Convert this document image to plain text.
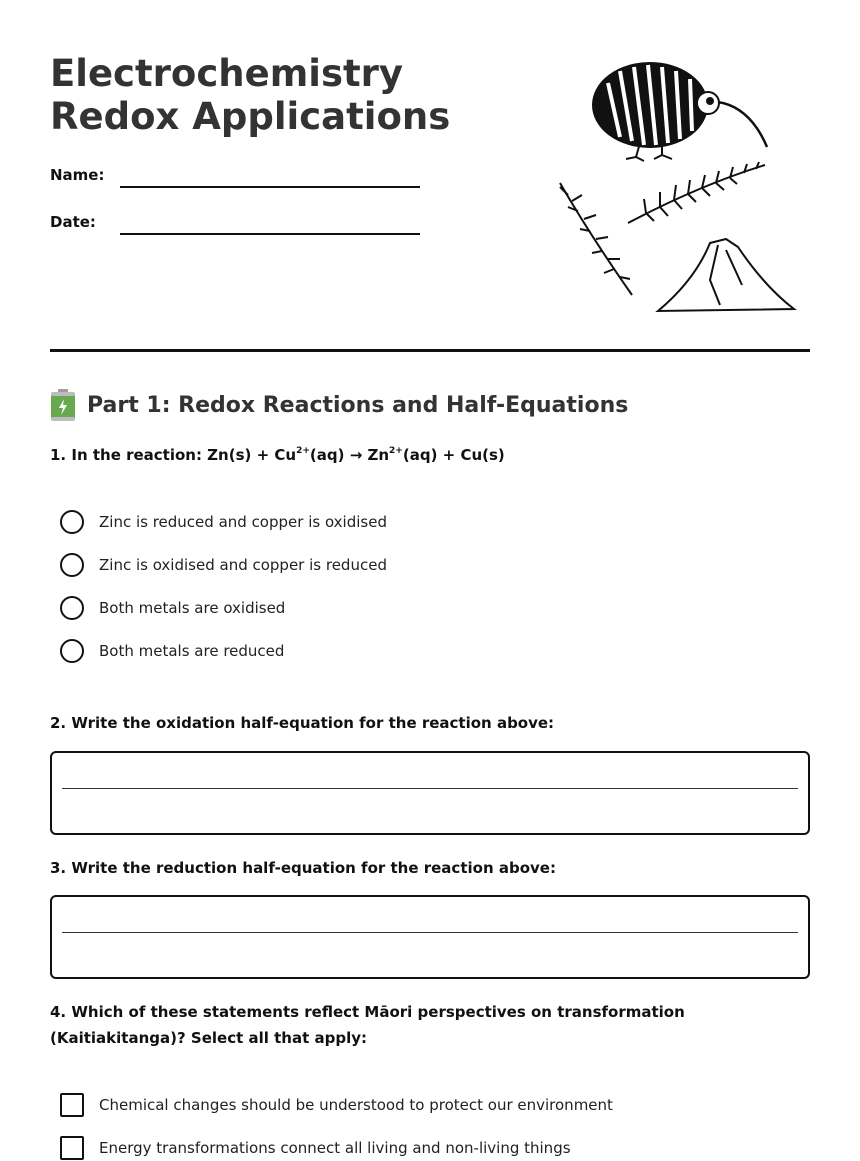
Electrochemistry Redox Applications
Name:
Date:
Part 1: Redox Reactions and Half-Equations
1. In the reaction: $Zn(s) + Cu^{2+}(aq) \to Zn^{2+}(aq) + Cu(s)$
Zinc is reduced and copper is oxidised
Zinc is oxidised and copper is reduced
Both metals are oxidised
Both metals are reduced
2. Write the oxidation half-equation for the reaction above:
3. Write the reduction half-equation for the reaction above:
4. Which of these statements reflect Māori perspectives on transformation (Kaitiakitanga)? Select all that apply:
Chemical changes should be understood to protect our environment
Energy transformations connect all living and non-living things
